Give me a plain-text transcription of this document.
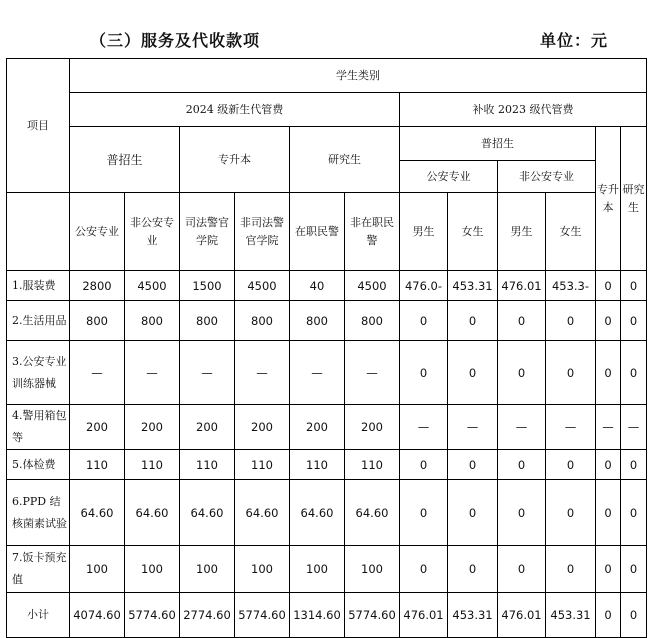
（三）服务及代收款项	单位：元
项目	学生类别											
	2024 级新生代管费						补收 2023 级代管费					
	普招生		专升本		研究生		普招生				专升本	研究生
							公安专业		非公安专业			
	公安专业	非公安专业	司法警官学院	非司法警官学院	在职民警	非在职民警	男生	女生	男生	女生		
1.服装费	2800	4500	1500	4500	40	4500	476.0-	453.31	476.01	453.3-	0	0
2.生活用品	800	800	800	800	800	800	0	0	0	0	0	0
3.公安专业训练器械	—	—	—	—	—	—	0	0	0	0	0	0
4.警用箱包等	200	200	200	200	200	200	—	—	—	—	—	—
5.体检费	110	110	110	110	110	110	0	0	0	0	0	0
6.PPD 结核菌素试验	64.60	64.60	64.60	64.60	64.60	64.60	0	0	0	0	0	0
7.饭卡预充值	100	100	100	100	100	100	0	0	0	0	0	0
小计	4074.60	5774.60	2774.60	5774.60	1314.60	5774.60	476.01	453.31	476.01	453.31	0	0
